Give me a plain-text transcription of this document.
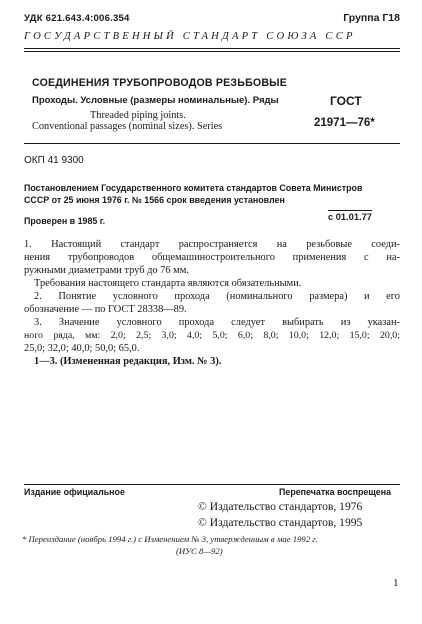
УДК 621.643.4:006.354	Группа Г18
ГОСУДАРСТВЕННЫЙ СТАНДАРТ СОЮЗА ССР
СОЕДИНЕНИЯ ТРУБОПРОВОДОВ РЕЗЬБОВЫЕ
Проходы. Условные (размеры номинальные). Ряды
Threaded piping joints.
Conventional passages (nominal sizes). Series
ГОСТ
21971—76*
ОКП 41 9300
Постановлением Государственного комитета стандартов Совета Министров
СССР от 25 июня 1976 г. № 1566 срок введения установлен
с 01.01.77
Проверен в 1985 г.
1. Настоящий стандарт распространяется на резьбовые соеди-
нения трубопроводов общемашиностроительного применения с на-
ружными диаметрами труб до 76 мм.
Требования настоящего стандарта являются обязательными.
2. Понятие условного прохода (номинального размера) и его
обозначение — по ГОСТ 28338—89.
3. Значение условного прохода следует выбирать из указан-
ного ряда, мм: 2,0; 2,5; 3,0; 4,0; 5,0; 6,0; 8,0; 10,0; 12,0; 15,0; 20,0;
25,0; 32,0; 40,0; 50,0; 65,0.
1—3. (Измененная редакция, Изм. № 3).
Издание официальное	Перепечатка воспрещена
© Издательство стандартов, 1976
© Издательство стандартов, 1995
* Переиздание (ноябрь 1994 г.) с Изменением № 3, утвержденным в мае 1992 г.
(ИУС 8—92)
1
